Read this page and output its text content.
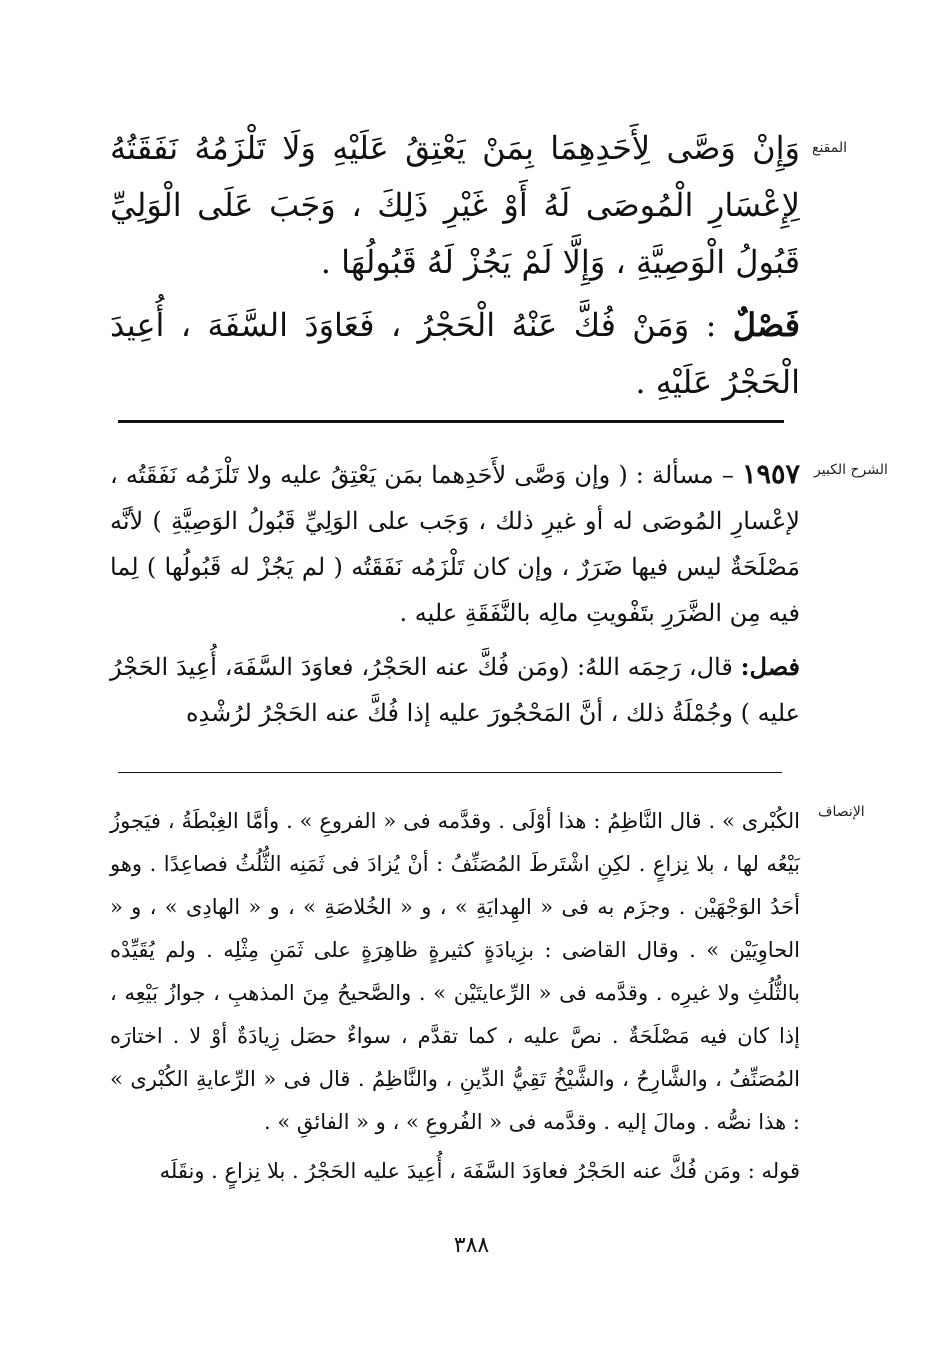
المقنع

وَإِنْ وَصَّى لِأَحَدِهِمَا بِمَنْ يَعْتِقُ عَلَيْهِ وَلَا تَلْزَمُهُ نَفَقَتُهُ لِإِعْسَارِ الْمُوصَى لَهُ أَوْ غَيْرِ ذَلِكَ ، وَجَبَ عَلَى الْوَلِيِّ قَبُولُ الْوَصِيَّةِ ، وَإِلَّا لَمْ يَجُزْ لَهُ قَبُولُهَا .

فَصْلٌ : وَمَنْ فُكَّ عَنْهُ الْحَجْرُ ، فَعَاوَدَ السَّفَهَ ، أُعِيدَ الْحَجْرُ عَلَيْهِ .

الشرح الكبير

١٩٥٧ – مسألة : ( وإن وَصَّى لأَحَدِهما بمَن يَعْتِقُ عليه ولا تَلْزَمُه نَفَقَتُه ، لإعْسارِ المُوصَى له أو غيرِ ذلك ، وَجَب على الوَلِيِّ قَبُولُ الوَصِيَّةِ ) لأنَّه مَصْلَحَةٌ ليس فيها ضَرَرٌ ، وإن كان تَلْزَمُه نَفَقَتُه ( لم يَجُزْ له قَبُولُها ) لِما فيه مِن الضَّرَرِ بتَفْويتِ مالِه بالنَّفَقَةِ عليه .

فصل: قال، رَحِمَه اللهُ: (ومَن فُكَّ عنه الحَجْرُ، فعاوَدَ السَّفَهَ، أُعِيدَ الحَجْرُ عليه ) وجُمْلَةُ ذلك ، أنَّ المَحْجُورَ عليه إذا فُكَّ عنه الحَجْرُ لرُشْدِه

الإنصاف

الكُبْرى » . قال النَّاظِمُ : هذا أوْلَى . وقدَّمه فى « الفروعِ » . وأمَّا الغِبْطَةُ ، فيَجوزُ بَيْعُه لها ، بلا نِزاعٍ . لكِنِ اشْتَرطَ المُصَنِّفُ : أنْ يُزادَ فى ثَمَنِه الثُّلُثُ فصاعِدًا . وهو أحَدُ الوَجْهَيْن . وجزَم به فى « الهِدايَةِ » ، و « الخُلاصَةِ » ، و « الهادِى » ، و « الحاوِيَيْن » . وقال القاضى : بزِيادَةٍ كثيرةٍ ظاهِرَةٍ على ثَمَنِ مِثْلِه . ولم يُقَيِّدْه بالثُّلُثِ ولا غيرِه . وقدَّمه فى « الرِّعايتَيْن » . والصَّحيحُ مِنَ المذهبِ ، جوازُ بَيْعِه ، إذا كان فيه مَصْلَحَةٌ . نصَّ عليه ، كما تقدَّم ، سواءٌ حصَل زِيادَةٌ أوْ لا . اختارَه المُصَنِّفُ ، والشَّارِحُ ، والشَّيْخُ تَقِيُّ الدِّينِ ، والنَّاظِمُ . قال فى « الرِّعايةِ الكُبْرى » : هذا نصُّه . ومالَ إليه . وقدَّمه فى « الفُروعِ » ، و « الفائقِ » .

قوله : ومَن فُكَّ عنه الحَجْرُ فعاوَدَ السَّفَهَ ، أُعِيدَ عليه الحَجْرُ . بلا نِزاعٍ . ونقَلَه

٣٨٨
